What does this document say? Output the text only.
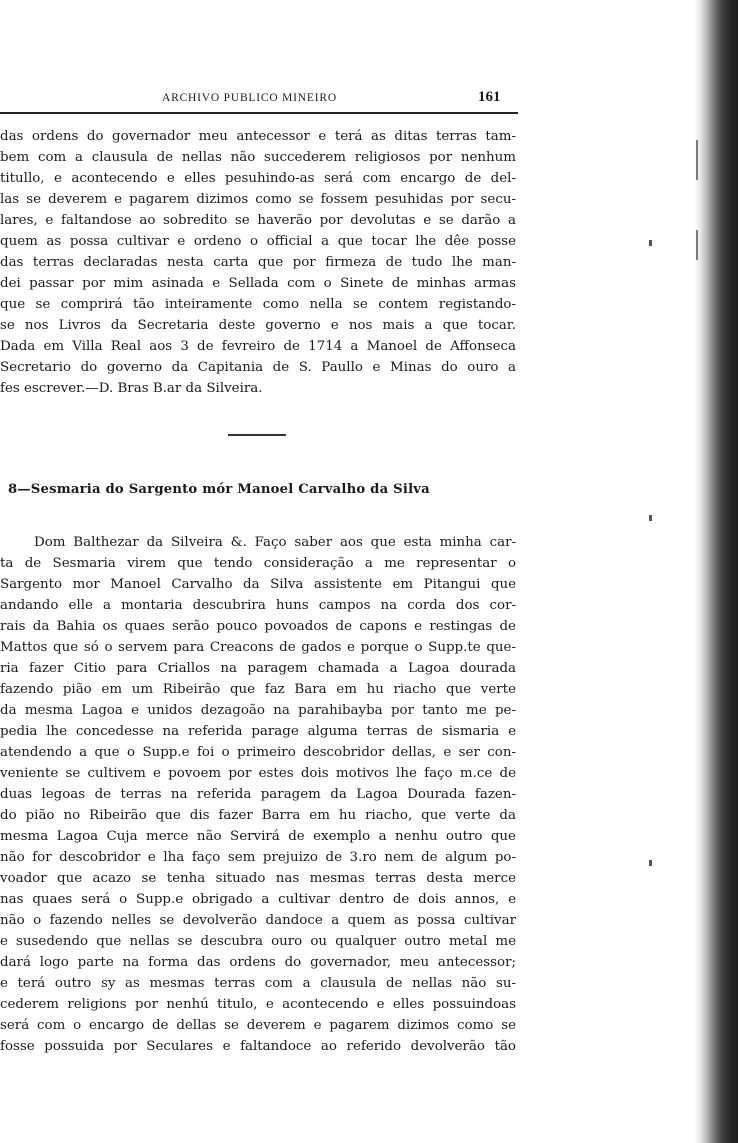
ARCHIVO PUBLICO MINEIRO	161
das ordens do governador meu antecessor e terá as ditas terras tam-
bem com a clausula de nellas não succederem religiosos por nenhum
titullo, e acontecendo e elles pesuhindo-as será com encargo de del-
las se deverem e pagarem dizimos como se fossem pesuhidas por secu-
lares, e faltandose ao sobredito se haverão por devolutas e se darão a
quem as possa cultivar e ordeno o official a que tocar lhe dêe posse
das terras declaradas nesta carta que por firmeza de tudo lhe man-
dei passar por mim asinada e Sellada com o Sinete de minhas armas
que se comprirá tão inteiramente como nella se contem registando-
se nos Livros da Secretaria deste governo e nos mais a que tocar.
Dada em Villa Real aos 3 de fevreiro de 1714 a Manoel de Affonseca
Secretario do governo da Capitania de S. Paullo e Minas do ouro a
fes escrever.—D. Bras B.ar da Silveira.
8—Sesmaria do Sargento mór Manoel Carvalho da Silva
Dom Balthezar da Silveira &. Faço saber aos que esta minha car-
ta de Sesmaria virem que tendo consideração a me representar o
Sargento mor Manoel Carvalho da Silva assistente em Pitangui que
andando elle a montaria descubrira huns campos na corda dos cor-
rais da Bahia os quaes serão pouco povoados de capons e restingas de
Mattos que só o servem para Creacons de gados e porque o Supp.te que-
ria fazer Citio para Criallos na paragem chamada a Lagoa dourada
fazendo pião em um Ribeirão que faz Bara em hu riacho que verte
da mesma Lagoa e unidos dezagoão na parahibayba por tanto me pe-
pedia lhe concedesse na referida parage alguma terras de sismaria e
atendendo a que o Supp.e foi o primeiro descobridor dellas, e ser con-
veniente se cultivem e povoem por estes dois motivos lhe faço m.ce de
duas legoas de terras na referida paragem da Lagoa Dourada fazen-
do pião no Ribeirão que dis fazer Barra em hu riacho, que verte da
mesma Lagoa Cuja merce não Servirá de exemplo a nenhu outro que
não for descobridor e lha faço sem prejuizo de 3.ro nem de algum po-
voador que acazo se tenha situado nas mesmas terras desta merce
nas quaes será o Supp.e obrigado a cultivar dentro de dois annos, e
não o fazendo nelles se devolverão dandoce a quem as possa cultivar
e susedendo que nellas se descubra ouro ou qualquer outro metal me
dará logo parte na forma das ordens do governador, meu antecessor;
e terá outro sy as mesmas terras com a clausula de nellas não su-
cederem religions por nenhú titulo, e acontecendo e elles possuindoas
será com o encargo de dellas se deverem e pagarem dizimos como se
fosse possuida por Seculares e faltandoce ao referido devolverão tão
